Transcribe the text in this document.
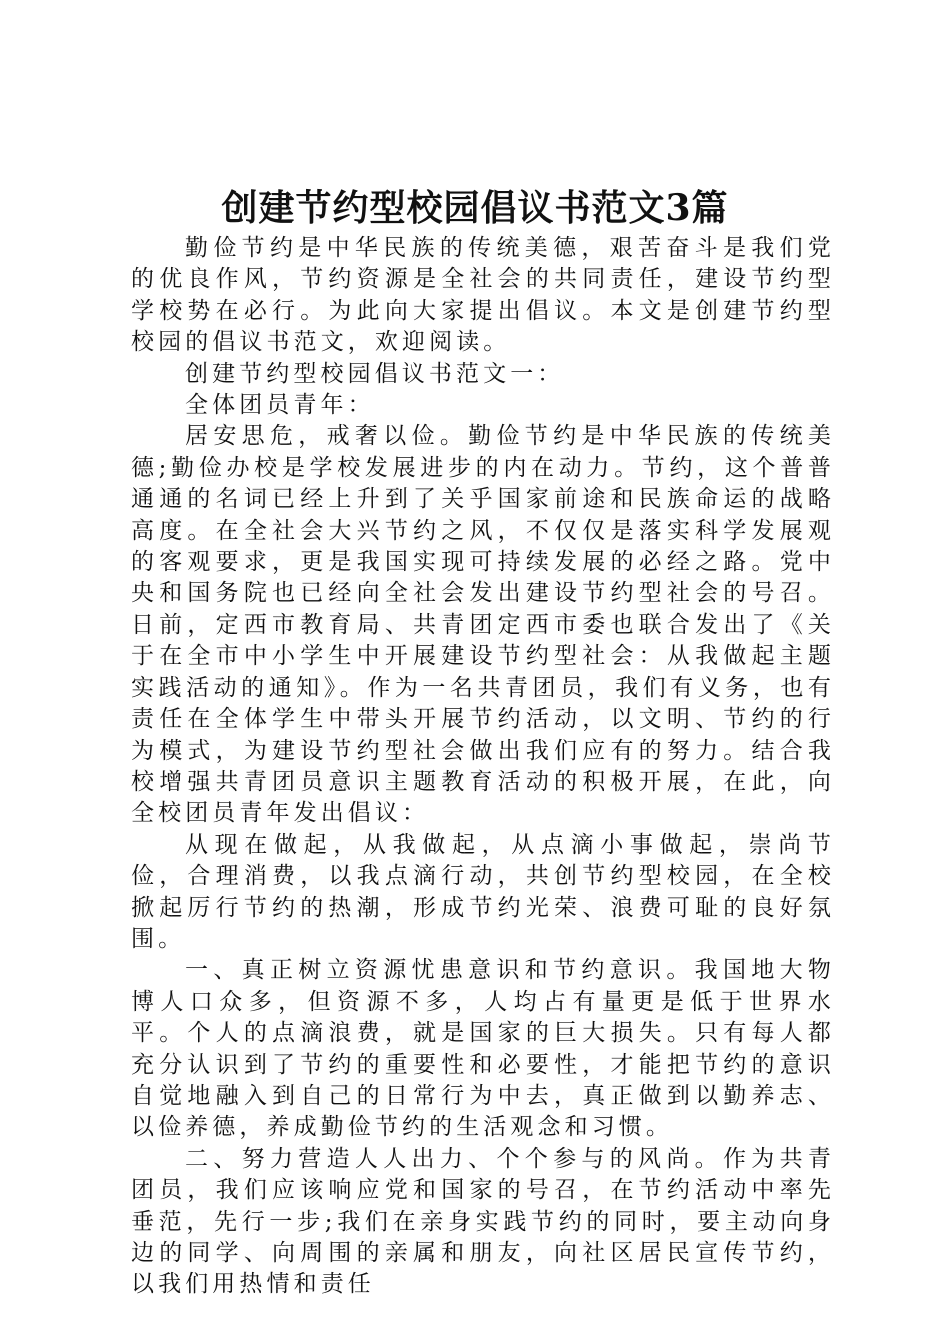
创建节约型校园倡议书范文3篇

勤俭节约是中华民族的传统美德，艰苦奋斗是我们党的优良作风，节约资源是全社会的共同责任，建设节约型学校势在必行。为此向大家提出倡议。本文是创建节约型校园的倡议书范文，欢迎阅读。

创建节约型校园倡议书范文一：

全体团员青年：

居安思危，戒奢以俭。勤俭节约是中华民族的传统美德;勤俭办校是学校发展进步的内在动力。节约，这个普普通通的名词已经上升到了关乎国家前途和民族命运的战略高度。在全社会大兴节约之风，不仅仅是落实科学发展观的客观要求，更是我国实现可持续发展的必经之路。党中央和国务院也已经向全社会发出建设节约型社会的号召。日前，定西市教育局、共青团定西市委也联合发出了《关于在全市中小学生中开展建设节约型社会：从我做起主题实践活动的通知》。作为一名共青团员，我们有义务，也有责任在全体学生中带头开展节约活动，以文明、节约的行为模式，为建设节约型社会做出我们应有的努力。结合我校增强共青团员意识主题教育活动的积极开展，在此，向全校团员青年发出倡议：

从现在做起，从我做起，从点滴小事做起，崇尚节俭，合理消费，以我点滴行动，共创节约型校园，在全校掀起厉行节约的热潮，形成节约光荣、浪费可耻的良好氛围。

一、真正树立资源忧患意识和节约意识。我国地大物博人口众多，但资源不多，人均占有量更是低于世界水平。个人的点滴浪费，就是国家的巨大损失。只有每人都充分认识到了节约的重要性和必要性，才能把节约的意识自觉地融入到自己的日常行为中去，真正做到以勤养志、以俭养德，养成勤俭节约的生活观念和习惯。

二、努力营造人人出力、个个参与的风尚。作为共青团员，我们应该响应党和国家的号召，在节约活动中率先垂范，先行一步;我们在亲身实践节约的同时，要主动向身边的同学、向周围的亲属和朋友，向社区居民宣传节约，以我们用热情和责任
